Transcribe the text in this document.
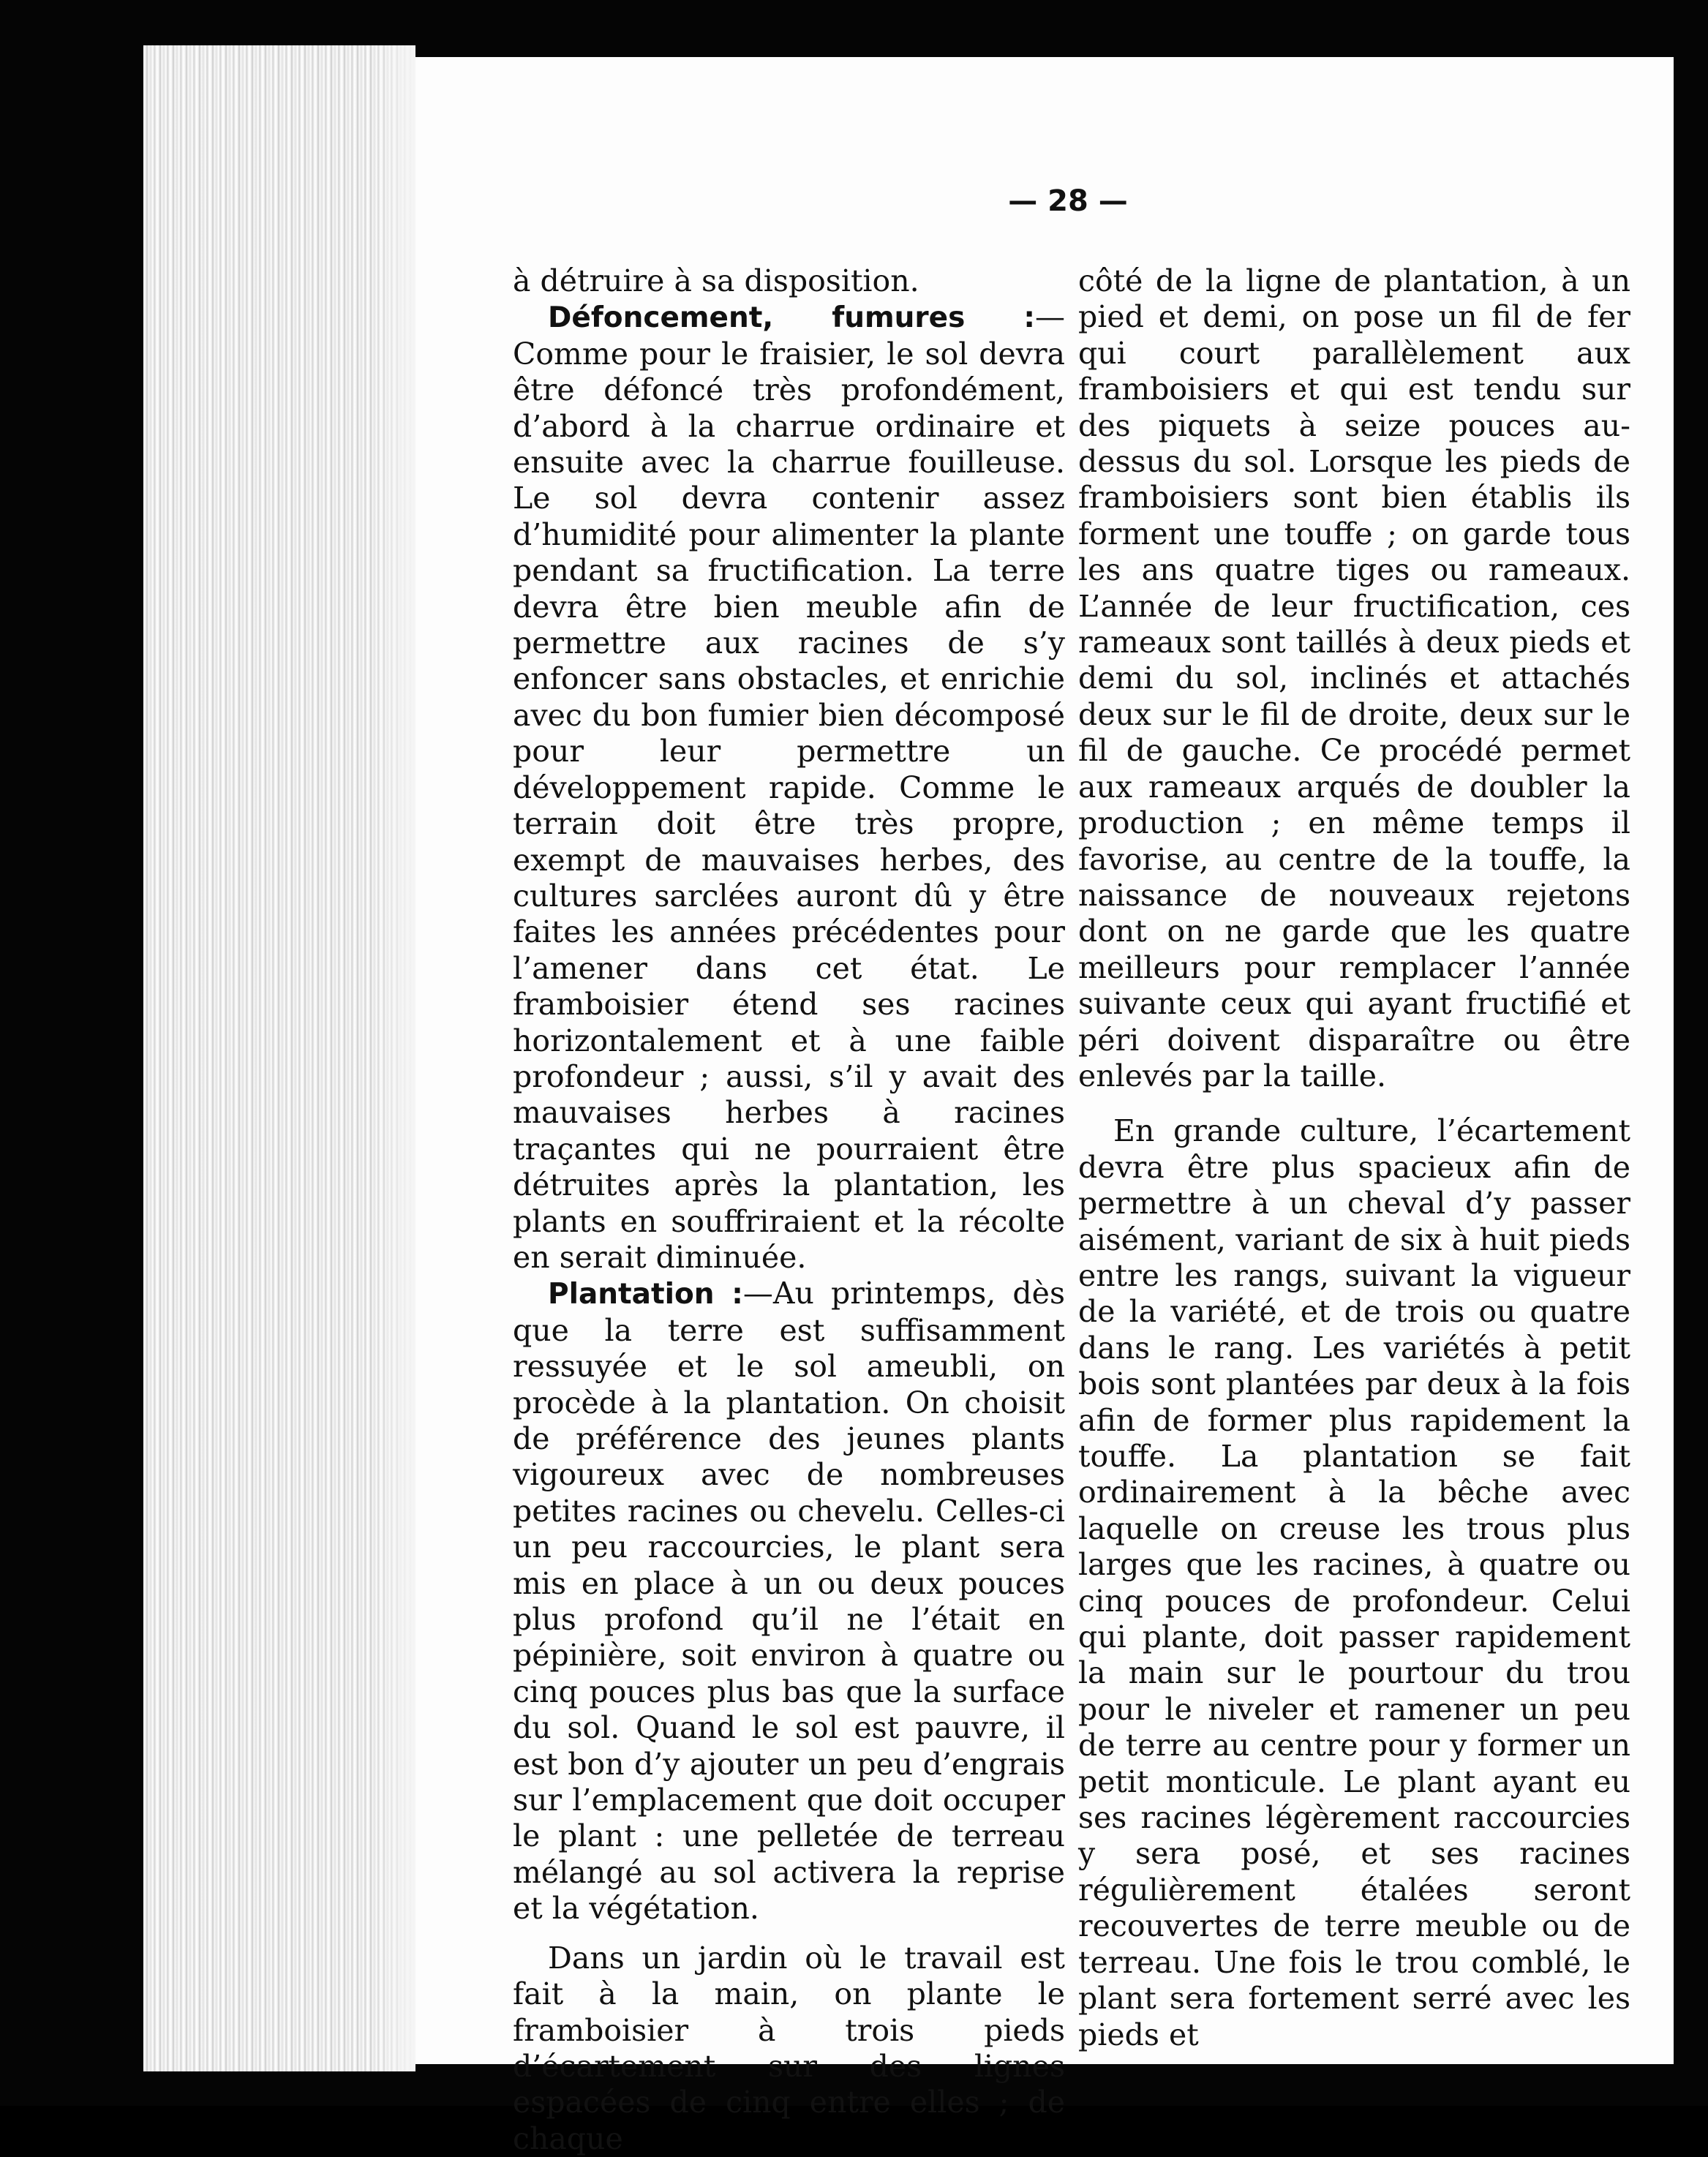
— 28 —

à détruire à sa disposition.

Défoncement, fumures :—Comme pour le fraisier, le sol devra être défoncé très profondément, d’abord à la charrue ordinaire et ensuite avec la charrue fouilleuse. Le sol devra contenir assez d’humidité pour alimenter la plante pendant sa fructification. La terre devra être bien meuble afin de permettre aux racines de s’y enfoncer sans obstacles, et enrichie avec du bon fumier bien décomposé pour leur permettre un développement rapide. Comme le terrain doit être très propre, exempt de mauvaises herbes, des cultures sarclées auront dû y être faites les années précédentes pour l’amener dans cet état. Le framboisier étend ses racines horizontalement et à une faible profondeur ; aussi, s’il y avait des mauvaises herbes à racines traçantes qui ne pourraient être détruites après la plantation, les plants en souffriraient et la récolte en serait diminuée.

Plantation :—Au printemps, dès que la terre est suffisamment ressuyée et le sol ameubli, on procède à la plantation. On choisit de préférence des jeunes plants vigoureux avec de nombreuses petites racines ou chevelu. Celles-ci un peu raccourcies, le plant sera mis en place à un ou deux pouces plus profond qu’il ne l’était en pépinière, soit environ à quatre ou cinq pouces plus bas que la surface du sol. Quand le sol est pauvre, il est bon d’y ajouter un peu d’engrais sur l’emplacement que doit occuper le plant : une pelletée de terreau mélangé au sol activera la reprise et la végétation.

Dans un jardin où le travail est fait à la main, on plante le framboisier à trois pieds d’écartement sur des lignes espacées de cinq entre elles ; de chaque

côté de la ligne de plantation, à un pied et demi, on pose un fil de fer qui court parallèlement aux framboisiers et qui est tendu sur des piquets à seize pouces au-dessus du sol. Lorsque les pieds de framboisiers sont bien établis ils forment une touffe ; on garde tous les ans quatre tiges ou rameaux. L’année de leur fructification, ces rameaux sont taillés à deux pieds et demi du sol, inclinés et attachés deux sur le fil de droite, deux sur le fil de gauche. Ce procédé permet aux rameaux arqués de doubler la production ; en même temps il favorise, au centre de la touffe, la naissance de nouveaux rejetons dont on ne garde que les quatre meilleurs pour remplacer l’année suivante ceux qui ayant fructifié et péri doivent disparaître ou être enlevés par la taille.

En grande culture, l’écartement devra être plus spacieux afin de permettre à un cheval d’y passer aisément, variant de six à huit pieds entre les rangs, suivant la vigueur de la variété, et de trois ou quatre dans le rang. Les variétés à petit bois sont plantées par deux à la fois afin de former plus rapidement la touffe. La plantation se fait ordinairement à la bêche avec laquelle on creuse les trous plus larges que les racines, à quatre ou cinq pouces de profondeur. Celui qui plante, doit passer rapidement la main sur le pourtour du trou pour le niveler et ramener un peu de terre au centre pour y former un petit monticule. Le plant ayant eu ses racines légèrement raccourcies y sera posé, et ses racines régulièrement étalées seront recouvertes de terre meuble ou de terreau. Une fois le trou comblé, le plant sera fortement serré avec les pieds et
